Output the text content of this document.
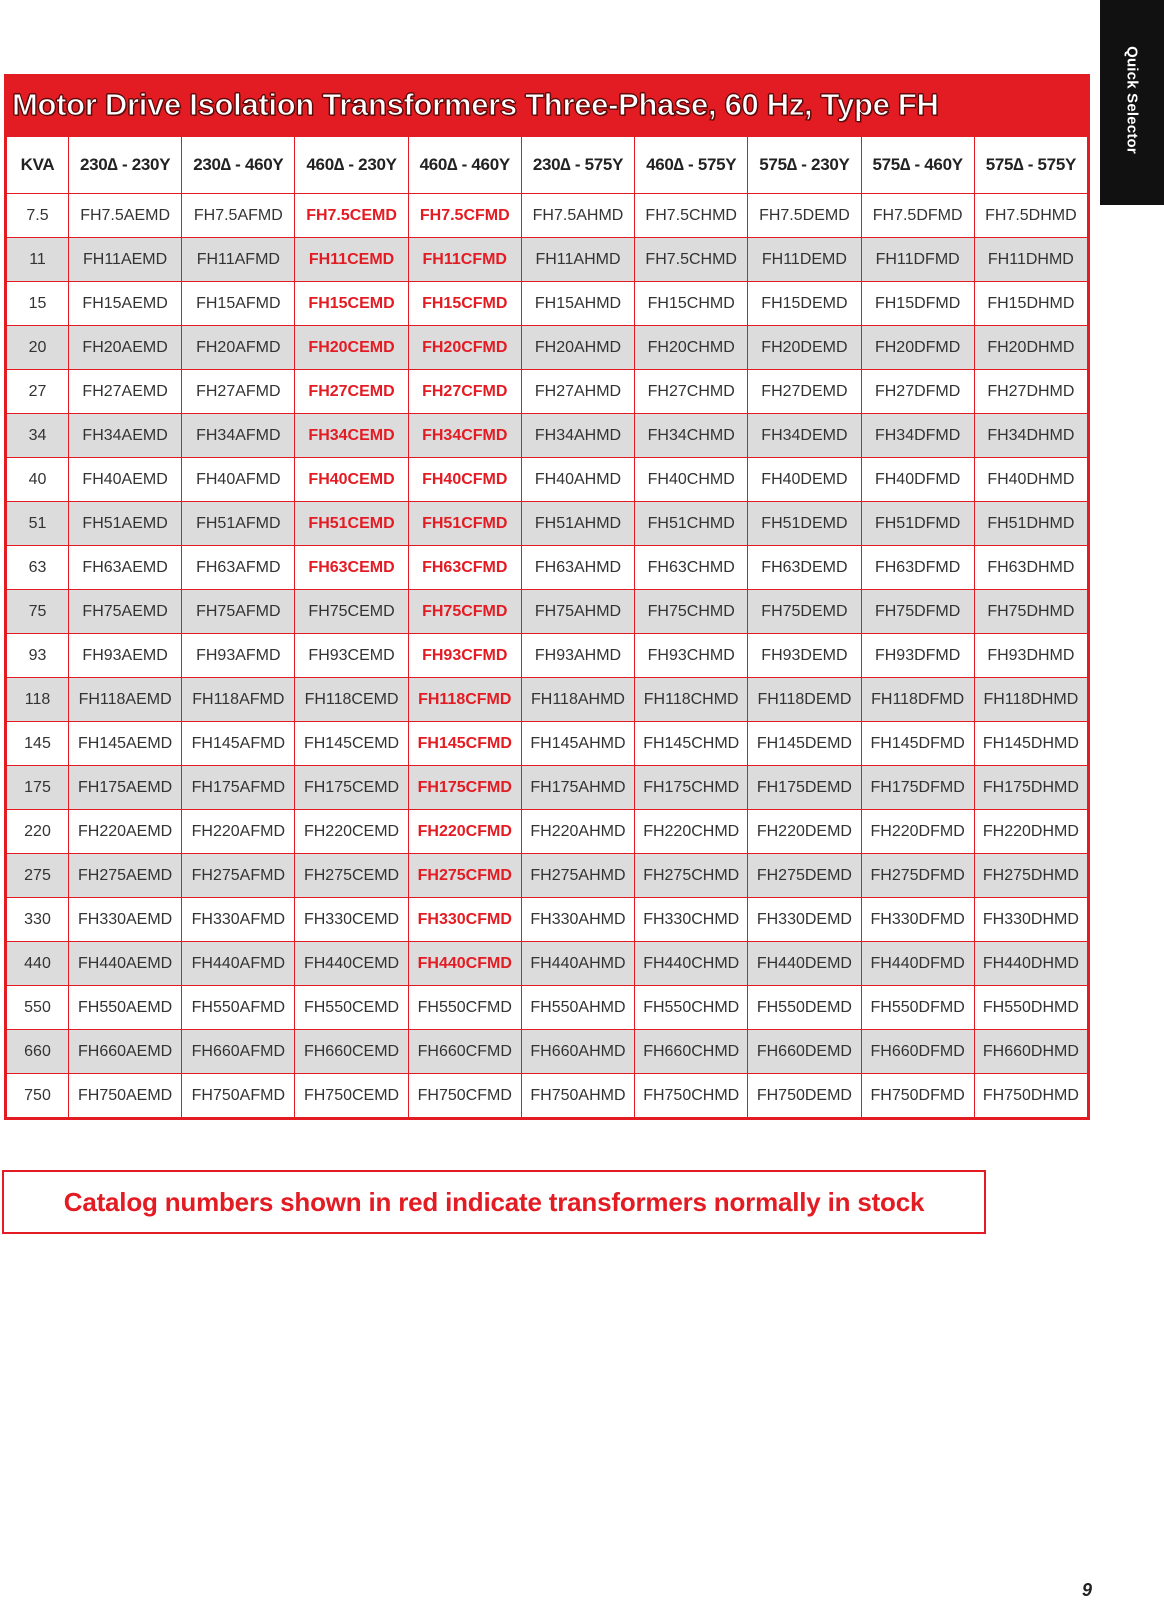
Quick Selector
Motor Drive Isolation Transformers Three-Phase, 60 Hz, Type FH
KVA	230∆ - 230Y	230∆ - 460Y	460∆ - 230Y	460∆ - 460Y	230∆ - 575Y	460∆ - 575Y	575∆ - 230Y	575∆ - 460Y	575∆ - 575Y
7.5	FH7.5AEMD	FH7.5AFMD	FH7.5CEMD	FH7.5CFMD	FH7.5AHMD	FH7.5CHMD	FH7.5DEMD	FH7.5DFMD	FH7.5DHMD
11	FH11AEMD	FH11AFMD	FH11CEMD	FH11CFMD	FH11AHMD	FH7.5CHMD	FH11DEMD	FH11DFMD	FH11DHMD
15	FH15AEMD	FH15AFMD	FH15CEMD	FH15CFMD	FH15AHMD	FH15CHMD	FH15DEMD	FH15DFMD	FH15DHMD
20	FH20AEMD	FH20AFMD	FH20CEMD	FH20CFMD	FH20AHMD	FH20CHMD	FH20DEMD	FH20DFMD	FH20DHMD
27	FH27AEMD	FH27AFMD	FH27CEMD	FH27CFMD	FH27AHMD	FH27CHMD	FH27DEMD	FH27DFMD	FH27DHMD
34	FH34AEMD	FH34AFMD	FH34CEMD	FH34CFMD	FH34AHMD	FH34CHMD	FH34DEMD	FH34DFMD	FH34DHMD
40	FH40AEMD	FH40AFMD	FH40CEMD	FH40CFMD	FH40AHMD	FH40CHMD	FH40DEMD	FH40DFMD	FH40DHMD
51	FH51AEMD	FH51AFMD	FH51CEMD	FH51CFMD	FH51AHMD	FH51CHMD	FH51DEMD	FH51DFMD	FH51DHMD
63	FH63AEMD	FH63AFMD	FH63CEMD	FH63CFMD	FH63AHMD	FH63CHMD	FH63DEMD	FH63DFMD	FH63DHMD
75	FH75AEMD	FH75AFMD	FH75CEMD	FH75CFMD	FH75AHMD	FH75CHMD	FH75DEMD	FH75DFMD	FH75DHMD
93	FH93AEMD	FH93AFMD	FH93CEMD	FH93CFMD	FH93AHMD	FH93CHMD	FH93DEMD	FH93DFMD	FH93DHMD
118	FH118AEMD	FH118AFMD	FH118CEMD	FH118CFMD	FH118AHMD	FH118CHMD	FH118DEMD	FH118DFMD	FH118DHMD
145	FH145AEMD	FH145AFMD	FH145CEMD	FH145CFMD	FH145AHMD	FH145CHMD	FH145DEMD	FH145DFMD	FH145DHMD
175	FH175AEMD	FH175AFMD	FH175CEMD	FH175CFMD	FH175AHMD	FH175CHMD	FH175DEMD	FH175DFMD	FH175DHMD
220	FH220AEMD	FH220AFMD	FH220CEMD	FH220CFMD	FH220AHMD	FH220CHMD	FH220DEMD	FH220DFMD	FH220DHMD
275	FH275AEMD	FH275AFMD	FH275CEMD	FH275CFMD	FH275AHMD	FH275CHMD	FH275DEMD	FH275DFMD	FH275DHMD
330	FH330AEMD	FH330AFMD	FH330CEMD	FH330CFMD	FH330AHMD	FH330CHMD	FH330DEMD	FH330DFMD	FH330DHMD
440	FH440AEMD	FH440AFMD	FH440CEMD	FH440CFMD	FH440AHMD	FH440CHMD	FH440DEMD	FH440DFMD	FH440DHMD
550	FH550AEMD	FH550AFMD	FH550CEMD	FH550CFMD	FH550AHMD	FH550CHMD	FH550DEMD	FH550DFMD	FH550DHMD
660	FH660AEMD	FH660AFMD	FH660CEMD	FH660CFMD	FH660AHMD	FH660CHMD	FH660DEMD	FH660DFMD	FH660DHMD
750	FH750AEMD	FH750AFMD	FH750CEMD	FH750CFMD	FH750AHMD	FH750CHMD	FH750DEMD	FH750DFMD	FH750DHMD
Catalog numbers shown in red indicate transformers normally in stock
9
